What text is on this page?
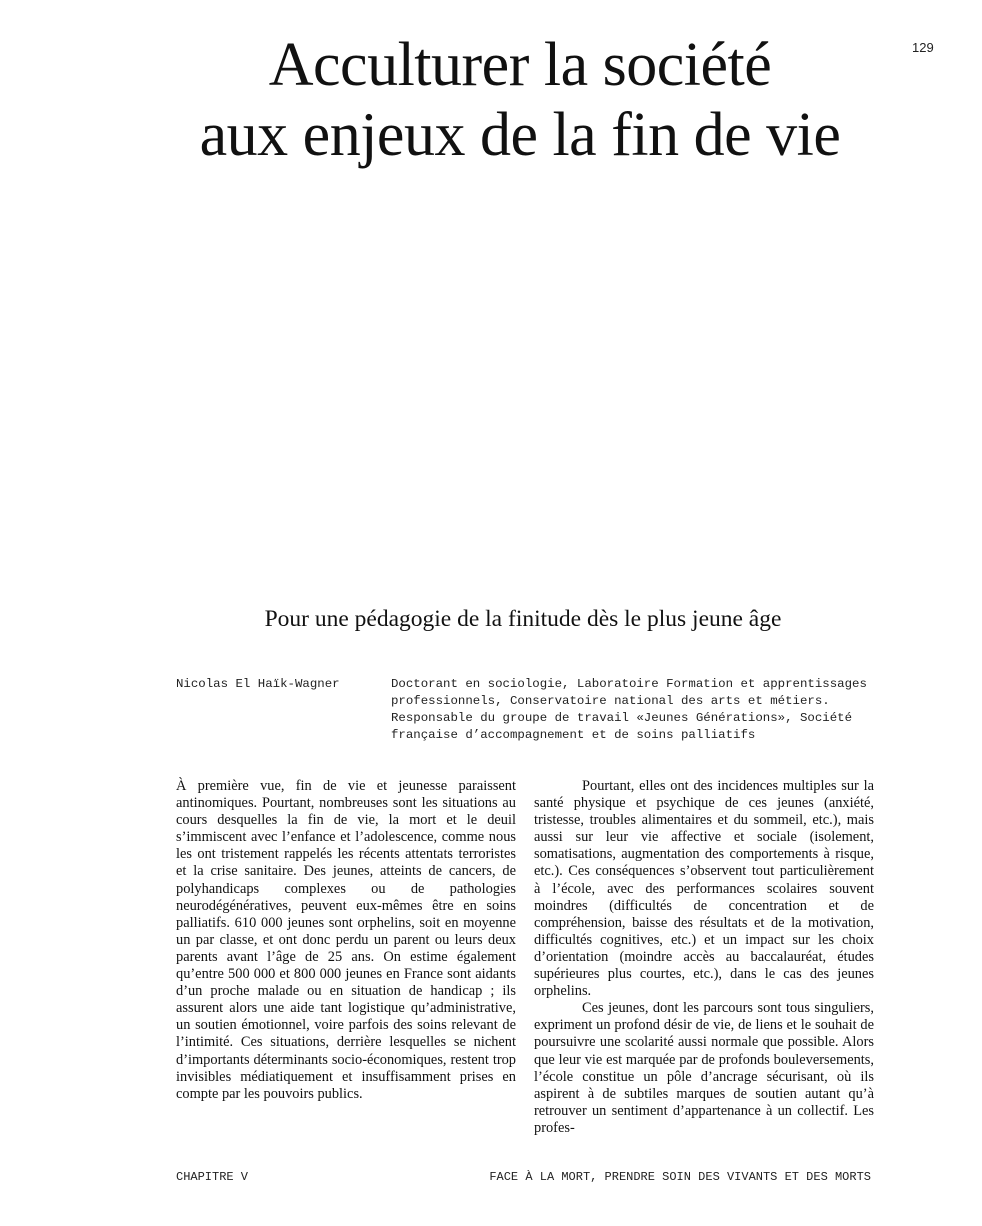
129
Acculturer la société
aux enjeux de la fin de vie
Pour une pédagogie de la finitude dès le plus jeune âge
Nicolas El Haïk-Wagner	Doctorant en sociologie, Laboratoire Formation et apprentissages professionnels, Conservatoire national des arts et métiers. Responsable du groupe de travail «Jeunes Générations», Société française d’accompagnement et de soins palliatifs

À première vue, fin de vie et jeunesse paraissent antinomiques. Pourtant, nombreuses sont les situations au cours desquelles la fin de vie, la mort et le deuil s’immiscent avec l’enfance et l’adolescence, comme nous les ont tristement rappelés les récents attentats terroristes et la crise sanitaire. Des jeunes, atteints de cancers, de polyhandicaps complexes ou de pathologies neurodégénératives, peuvent eux-mêmes être en soins palliatifs. 610 000 jeunes sont orphelins, soit en moyenne un par classe, et ont donc perdu un parent ou leurs deux parents avant l’âge de 25 ans. On estime également qu’entre 500 000 et 800 000 jeunes en France sont aidants d’un proche malade ou en situation de handicap ; ils assurent alors une aide tant logistique qu’administrative, un soutien émotionnel, voire parfois des soins relevant de l’intimité. Ces situations, derrière lesquelles se nichent d’importants déterminants socio-économiques, restent trop invisibles médiatiquement et insuffisamment prises en compte par les pouvoirs publics.

Pourtant, elles ont des incidences multiples sur la santé physique et psychique de ces jeunes (anxiété, tristesse, troubles alimentaires et du sommeil, etc.), mais aussi sur leur vie affective et sociale (isolement, somatisations, augmentation des comportements à risque, etc.). Ces conséquences s’observent tout particulièrement à l’école, avec des performances scolaires souvent moindres (difficultés de concentration et de compréhension, baisse des résultats et de la motivation, difficultés cognitives, etc.) et un impact sur les choix d’orientation (moindre accès au baccalauréat, études supérieures plus courtes, etc.), dans le cas des jeunes orphelins.

Ces jeunes, dont les parcours sont tous singuliers, expriment un profond désir de vie, de liens et le souhait de poursuivre une scolarité aussi normale que possible. Alors que leur vie est marquée par de profonds bouleversements, l’école constitue un pôle d’ancrage sécurisant, où ils aspirent à de subtiles marques de soutien autant qu’à retrouver un sentiment d’appartenance à un collectif. Les profes-

CHAPITRE V	FACE À LA MORT, PRENDRE SOIN DES VIVANTS ET DES MORTS
